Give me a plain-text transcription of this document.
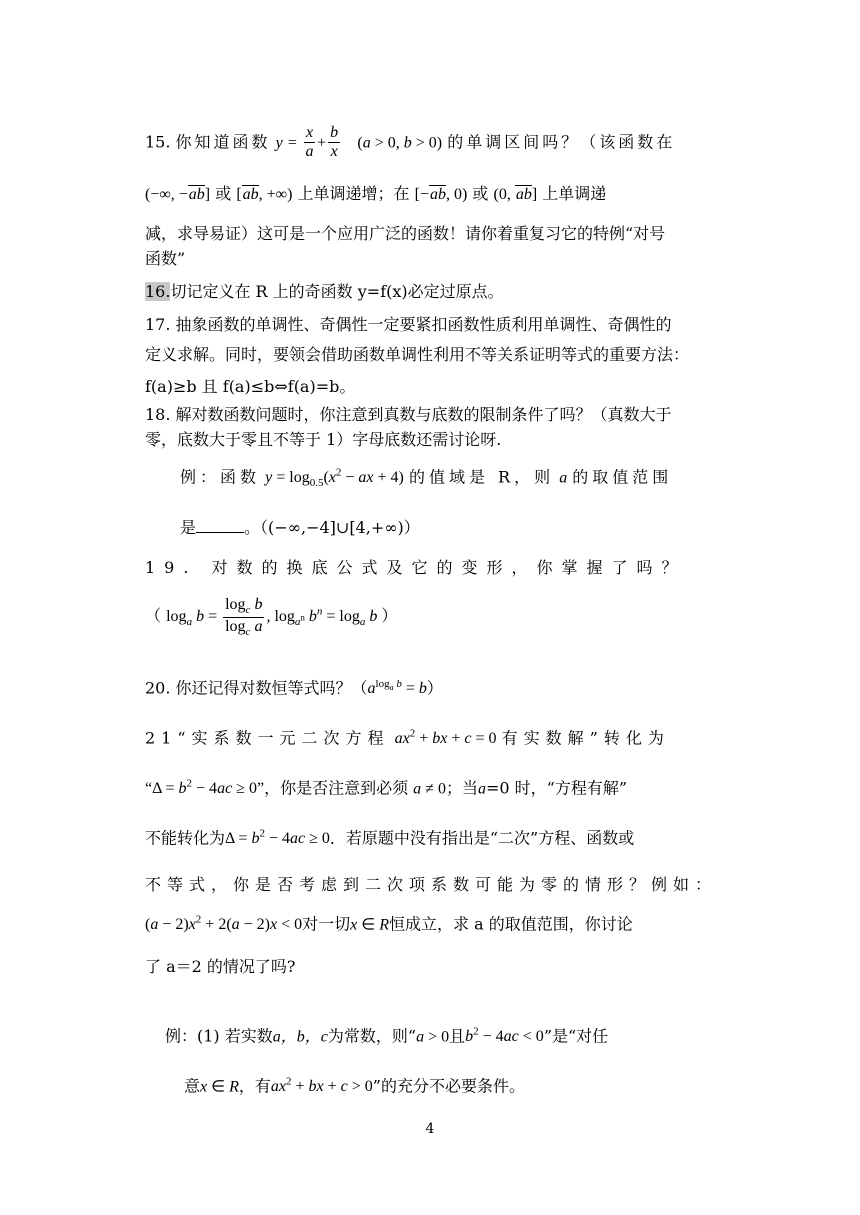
15. 你知道函数 $y = \frac{x}{a} + \frac{b}{x} (a > 0$, b > 0) 的单调区间吗？（该函数在
(−∞, −ab] 或 [ab, +∞) 上单调递增；在 [−ab, 0) 或 (0, ab] 上单调递
减，求导易证）这可是一个应用广泛的函数！请你着重复习它的特例“对号
函数”
16.切记定义在 R 上的奇函数 y=f(x)必定过原点。
17. 抽象函数的单调性、奇偶性一定要紧扣函数性质利用单调性、奇偶性的
定义求解。同时，要领会借助函数单调性利用不等关系证明等式的重要方法：
f(a)≥b 且 f(a)≤b⇔f(a)=b。
18. 解对数函数问题时，你注意到真数与底数的限制条件了吗？（真数大于
零，底数大于零且不等于 1）字母底数还需讨论呀.
例：函数 $y = \log_{0.5}(x^2$ − ax + 4) 的值域是 R，则 a 的取值范围
是	。（(−∞,−4]∪[4,+∞)）
19. 对数的换底公式及它的变形，你掌握了吗？
（ $\log_a b = \frac{\log_c b}{\log_c a}$ , $\log_{a^n} b^n = \log_a b$ ）
20. 你还记得对数恒等式吗？$(a^{log_a b} = b)$
21“实系数一元二次方程 $ax^2$ + bx + c = 0 有实数解”转化为
“$\Delta = b^2 - 4ac \ge 0$”，你是否注意到必须 a ≠ 0；当a=0 时，“方程有解”
不能转化为$\Delta = b^2 - 4ac \ge 0$．若原题中没有指出是“二次”方程、函数或
不等式，你是否考虑到二次项系数可能为零的情形？例如：
$(a - 2)x^2 + 2(a - 2)x < 0$对一切x ∈ R恒成立，求 a 的取值范围，你讨论
了 a＝2 的情况了吗?
例：(1) 若实数a，b，c为常数，则“a > 0且$b^2 - 4ac < 0$”是“对任
意x ∈ R，有$ax^2$ + bx + c > 0”的充分不必要条件。
4
